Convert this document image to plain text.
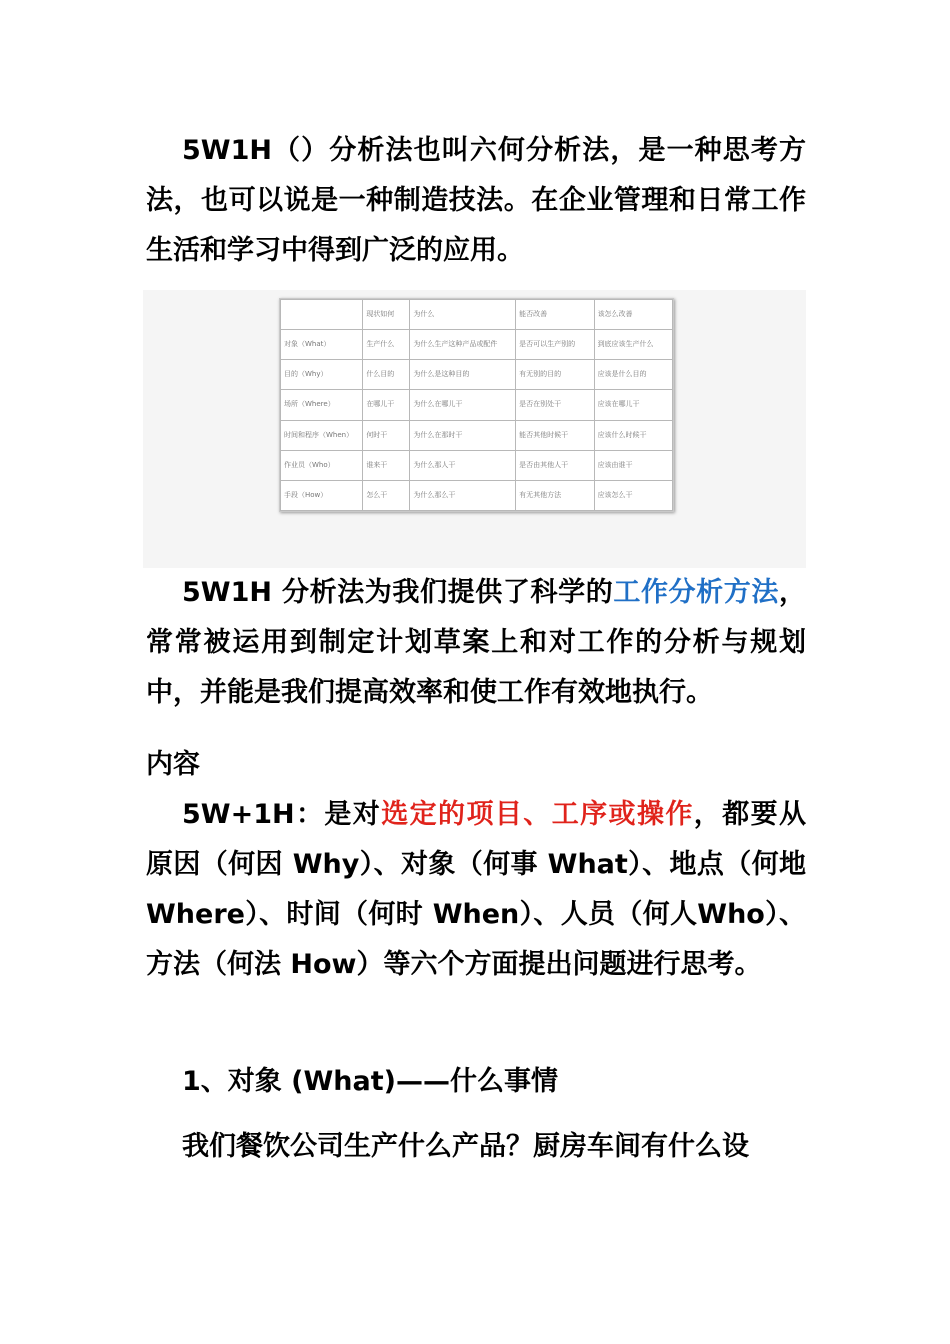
5W1H（）分析法也叫六何分析法，是一种思考方法，也可以说是一种制造技法。在企业管理和日常工作生活和学习中得到广泛的应用。
	现状如何	为什么	能否改善	该怎么改善
对象（What）	生产什么	为什么生产这种产品或配件	是否可以生产别的	到底应该生产什么
目的（Why）	什么目的	为什么是这种目的	有无别的目的	应该是什么目的
场所（Where）	在哪儿干	为什么在哪儿干	是否在别处干	应该在哪儿干
时间和程序（When）	何时干	为什么在那时干	能否其他时候干	应该什么时候干
作业员（Who）	谁来干	为什么那人干	是否由其他人干	应该由谁干
手段（How）	怎么干	为什么那么干	有无其他方法	应该怎么干
5W1H 分析法为我们提供了科学的工作分析方法，常常被运用到制定计划草案上和对工作的分析与规划中，并能是我们提高效率和使工作有效地执行。
内容
5W+1H：是对选定的项目、工序或操作，都要从原因（何因 Why）、对象（何事 What）、地点（何地 Where）、时间（何时 When）、人员（何人Who）、方法（何法 How）等六个方面提出问题进行思考。
1、对象 (What)——什么事情
我们餐饮公司生产什么产品？厨房车间有什么设
